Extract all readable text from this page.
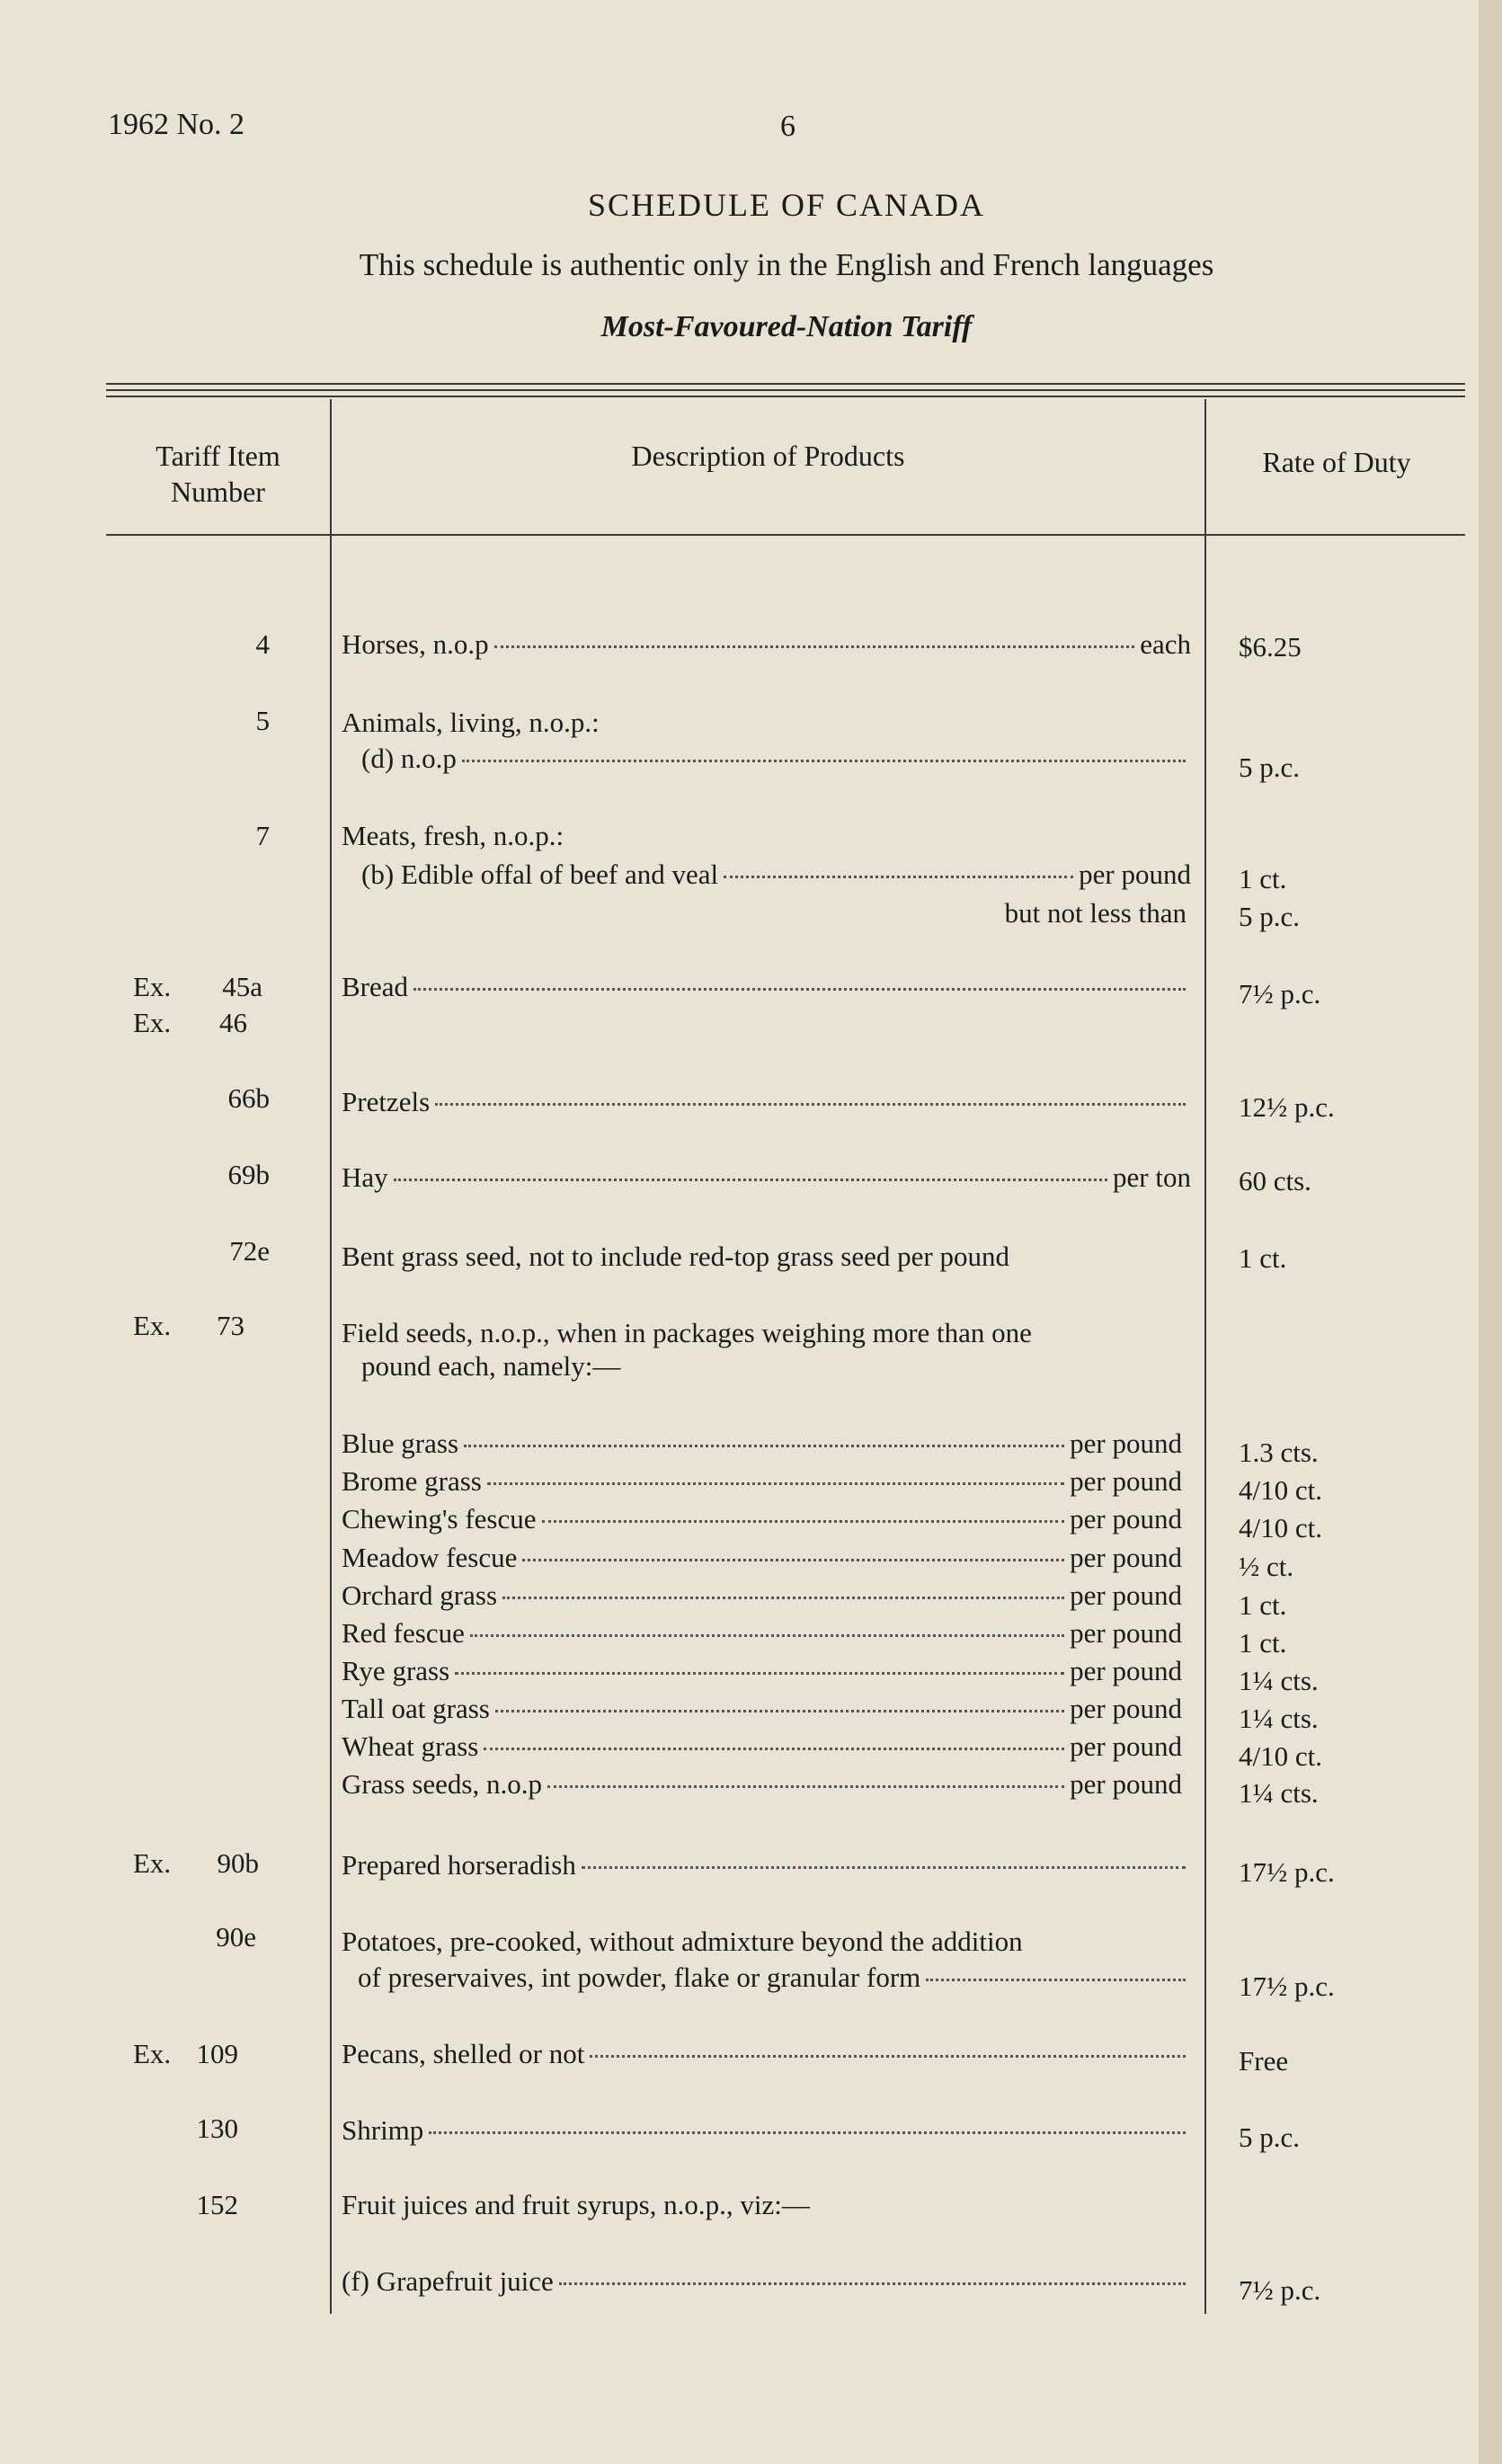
1962 No. 2	6
SCHEDULE OF CANADA
This schedule is authentic only in the English and French languages
Most-Favoured-Nation Tariff
Tariff Item
Number
Description of Products	Rate of Duty
4	Horses, n.o.p	each $6.25
5	Animals, living, n.o.p.:
(d) n.o.p	5 p.c.
7	Meats, fresh, n.o.p.:
(b) Edible offal of beef and veal	per pound 1 ct.
but not less than 5 p.c.
Ex.	45a	Bread	7½ p.c.
Ex.	46
66b	Pretzels	12½ p.c.
69b	Hay	per ton 60 cts.
72e	Bent grass seed, not to include red-top grass seed per pound	1 ct.
Ex.	73	Field seeds, n.o.p., when in packages weighing more than one
pound each, namely:—
Blue grass	per pound 1.3 cts.
Brome grass	per pound 4/10 ct.
Chewing's fescue	per pound 4/10 ct.
Meadow fescue	per pound ½ ct.
Orchard grass	per pound 1 ct.
Red fescue	per pound 1 ct.
Rye grass	per pound 1¼ cts.
Tall oat grass	per pound 1¼ cts.
Wheat grass	per pound 4/10 ct.
Grass seeds, n.o.p	per pound 1¼ cts.
Ex.	90b	Prepared horseradish	17½ p.c.
90e	Potatoes, pre-cooked, without admixture beyond the addition
of preservaives, int powder, flake or granular form	17½ p.c.
Ex. 109	Pecans, shelled or not	Free
130	Shrimp	5 p.c.
152	Fruit juices and fruit syrups, n.o.p., viz:—
(f) Grapefruit juice	7½ p.c.
